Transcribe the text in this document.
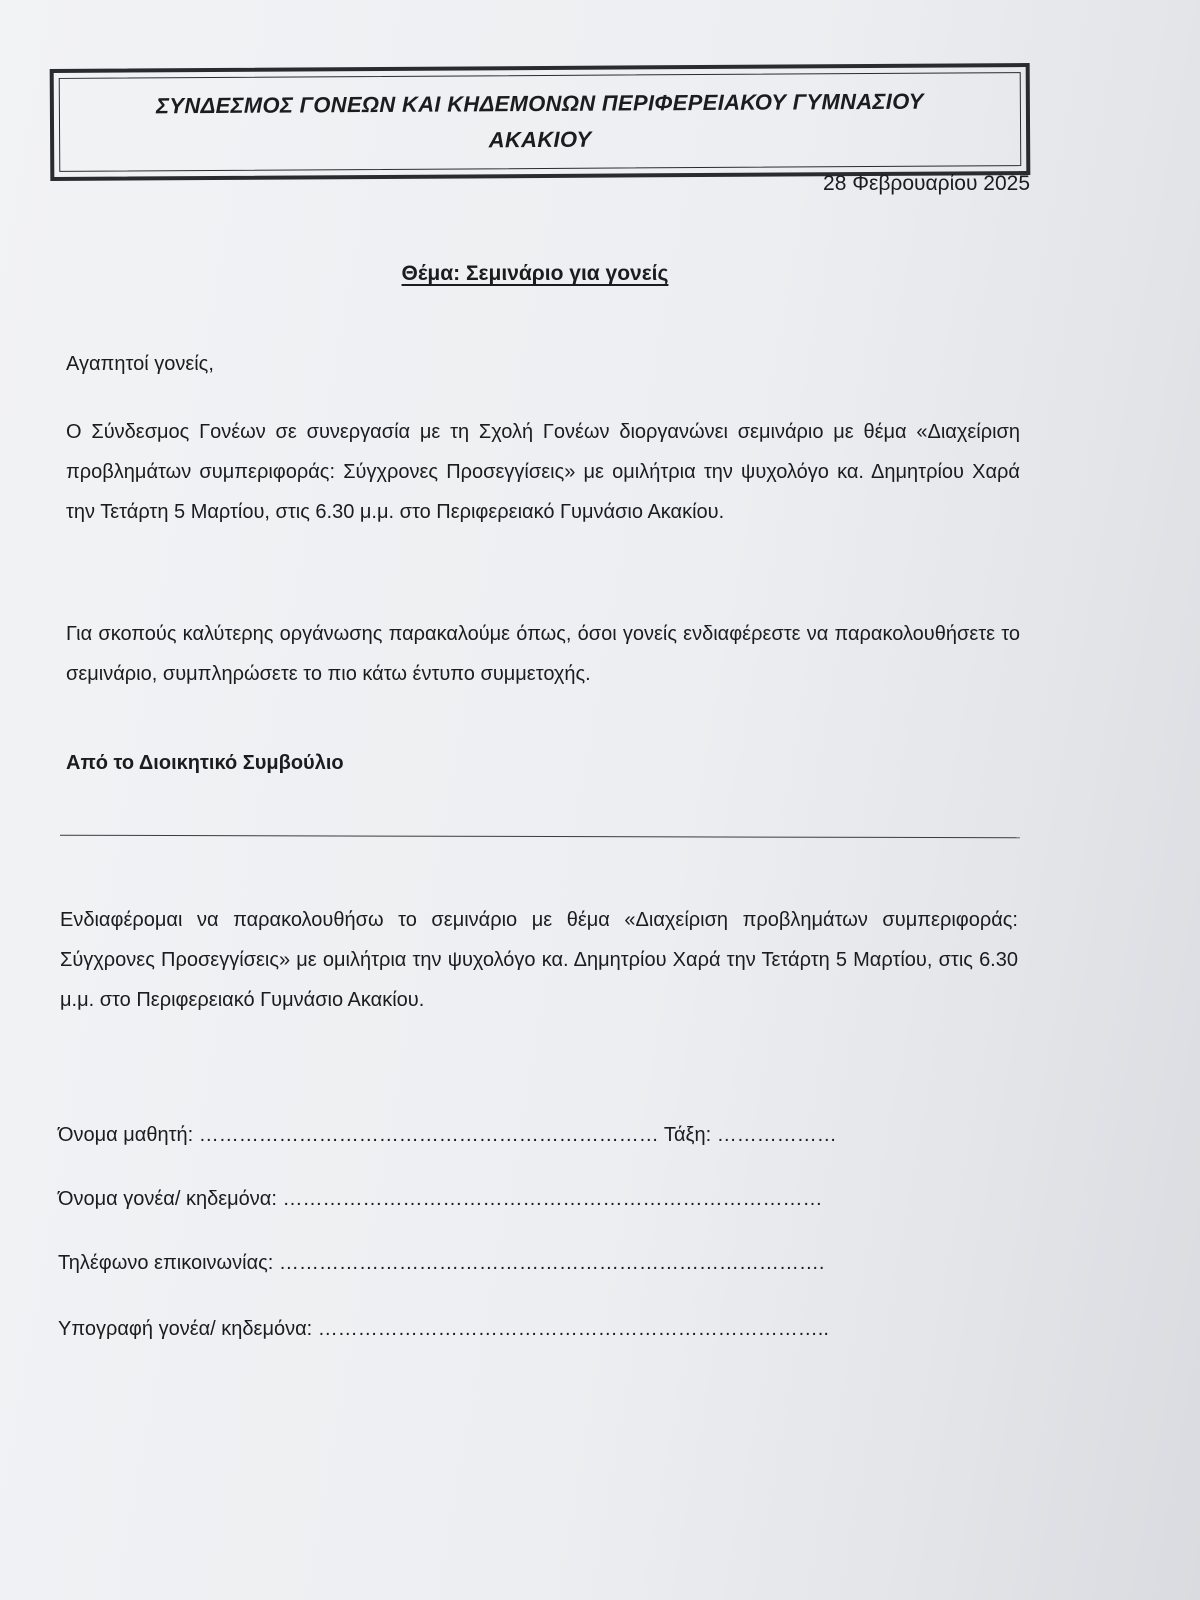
ΣΥΝΔΕΣΜΟΣ ΓΟΝΕΩΝ ΚΑΙ ΚΗΔΕΜΟΝΩΝ ΠΕΡΙΦΕΡΕΙΑΚΟΥ ΓΥΜΝΑΣΙΟΥ
ΑΚΑΚΙΟΥ
28 Φεβρουαρίου 2025
Θέμα: Σεμινάριο για γονείς
Αγαπητοί γονείς,
Ο Σύνδεσμος Γονέων σε συνεργασία με τη Σχολή Γονέων διοργανώνει σεμινάριο με θέμα «Διαχείριση προβλημάτων συμπεριφοράς: Σύγχρονες Προσεγγίσεις» με ομιλήτρια την ψυχολόγο κα. Δημητρίου Χαρά την Τετάρτη 5 Μαρτίου, στις 6.30 μ.μ. στο Περιφερειακό Γυμνάσιο Ακακίου.
Για σκοπούς καλύτερης οργάνωσης παρακαλούμε όπως, όσοι γονείς ενδιαφέρεστε να παρακολουθήσετε το σεμινάριο, συμπληρώσετε το πιο κάτω έντυπο συμμετοχής.
Από το Διοικητικό Συμβούλιο
Ενδιαφέρομαι να παρακολουθήσω το σεμινάριο με θέμα «Διαχείριση προβλημάτων συμπεριφοράς: Σύγχρονες Προσεγγίσεις» με ομιλήτρια την ψυχολόγο κα. Δημητρίου Χαρά την Τετάρτη 5 Μαρτίου, στις 6.30 μ.μ. στο Περιφερειακό Γυμνάσιο Ακακίου.
Όνομα μαθητή: …………………………………………………………… Τάξη: ………………
Όνομα γονέα/ κηδεμόνα: ………………………………………………………………………
Τηλέφωνο επικοινωνίας: ……………………………………………………………………….
Υπογραφή γονέα/ κηδεμόνα: …………………………………………………………………..
